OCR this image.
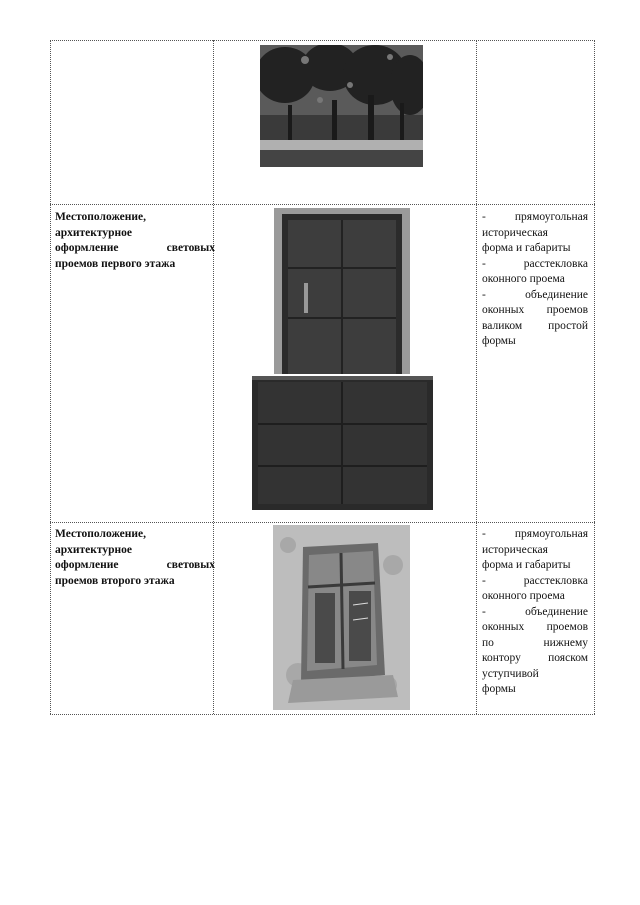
Местоположение,
архитектурное
оформление	световых
проемов первого этажа
-	прямоугольная
историческая
форма и габариты
-	расстекловка
оконного проема
-	объединение
оконных проемов
валиком простой
формы
Местоположение,
архитектурное
оформление	световых
проемов второго этажа
-	прямоугольная
историческая
форма и габариты
-	расстекловка
оконного проема
-	объединение
оконных проемов
по	нижнему
контору пояском
уступчивой
формы
